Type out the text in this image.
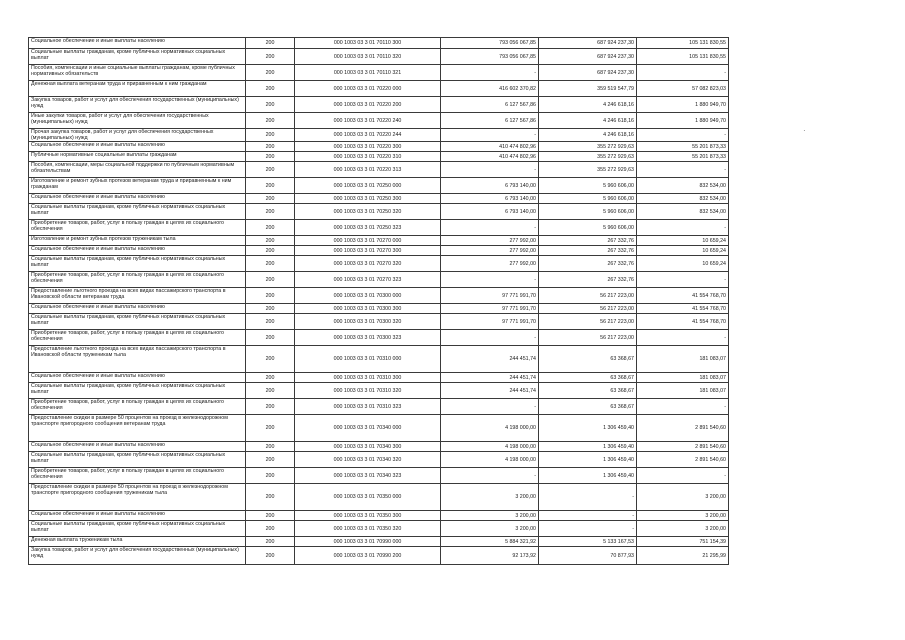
Социальное обеспечение и иные выплаты населению	200	000 1003 03 3 01 70110 300	793 056 067,85	687 924 237,30	105 131 830,55
Социальные выплаты гражданам, кроме публичных нормативных социальных выплат	200	000 1003 03 3 01 70110 320	793 056 067,85	687 924 237,30	105 131 830,55
Пособия, компенсации и иные социальные выплаты гражданам, кроме публичных нормативных обязательств	200	000 1003 03 3 01 70110 321	-	687 924 237,30	-
Денежная выплата ветеранам труда и приравненным к ним гражданам	200	000 1003 03 3 01 70220 000	416 602 370,82	359 519 547,79	57 082 823,03
Закупка товаров, работ и услуг для обеспечения государственных (муниципальных) нужд	200	000 1003 03 3 01 70220 200	6 127 567,86	4 246 618,16	1 880 949,70
Иные закупки товаров, работ и услуг для обеспечения государственных (муниципальных) нужд	200	000 1003 03 3 01 70220 240	6 127 567,86	4 246 618,16	1 880 949,70
Прочая закупка товаров, работ и услуг для обеспечения государственных (муниципальных) нужд	200	000 1003 03 3 01 70220 244	-	4 246 618,16	-
Социальное обеспечение и иные выплаты населению	200	000 1003 03 3 01 70220 300	410 474 802,96	355 272 929,63	55 201 873,33
Публичные нормативные социальные выплаты гражданам	200	000 1003 03 3 01 70220 310	410 474 802,96	355 272 929,63	55 201 873,33
Пособия, компенсации, меры социальной поддержки по публичным нормативным обязательствам	200	000 1003 03 3 01 70220 313	-	355 272 929,63	-
Изготовление и ремонт зубных протезов ветеранам труда и приравненным к ним гражданам	200	000 1003 03 3 01 70250 000	6 793 140,00	5 960 606,00	832 534,00
Социальное обеспечение и иные выплаты населению	200	000 1003 03 3 01 70250 300	6 793 140,00	5 960 606,00	832 534,00
Социальные выплаты гражданам, кроме публичных нормативных социальных выплат	200	000 1003 03 3 01 70250 320	6 793 140,00	5 960 606,00	832 534,00
Приобретение товаров, работ, услуг в пользу граждан в целях их социального обеспечения	200	000 1003 03 3 01 70250 323	-	5 960 606,00	-
Изготовление и ремонт зубных протезов труженикам тыла	200	000 1003 03 3 01 70270 000	277 992,00	267 332,76	10 659,24
Социальное обеспечение и иные выплаты населению	200	000 1003 03 3 01 70270 300	277 992,00	267 332,76	10 659,24
Социальные выплаты гражданам, кроме публичных нормативных социальных выплат	200	000 1003 03 3 01 70270 320	277 992,00	267 332,76	10 659,24
Приобретение товаров, работ, услуг в пользу граждан в целях их социального обеспечения	200	000 1003 03 3 01 70270 323	-	267 332,76	-
Предоставление льготного проезда на всех видах пассажирского транспорта в Ивановской области ветеранам труда	200	000 1003 03 3 01 70300 000	97 771 991,70	56 217 223,00	41 554 768,70
Социальное обеспечение и иные выплаты населению	200	000 1003 03 3 01 70300 300	97 771 991,70	56 217 223,00	41 554 768,70
Социальные выплаты гражданам, кроме публичных нормативных социальных выплат	200	000 1003 03 3 01 70300 320	97 771 991,70	56 217 223,00	41 554 768,70
Приобретение товаров, работ, услуг в пользу граждан в целях их социального обеспечения	200	000 1003 03 3 01 70300 323	-	56 217 223,00	-
Предоставление льготного проезда на всех видах пассажирского транспорта в Ивановской области труженикам тыла	200	000 1003 03 3 01 70310 000	244 451,74	63 368,67	181 083,07
Социальное обеспечение и иные выплаты населению	200	000 1003 03 3 01 70310 300	244 451,74	63 368,67	181 083,07
Социальные выплаты гражданам, кроме публичных нормативных социальных выплат	200	000 1003 03 3 01 70310 320	244 451,74	63 368,67	181 083,07
Приобретение товаров, работ, услуг в пользу граждан в целях их социального обеспечения	200	000 1003 03 3 01 70310 323	-	63 368,67	-
Предоставление скидки в размере 50 процентов на проезд в железнодорожном транспорте пригородного сообщения ветеранам труда	200	000 1003 03 3 01 70340 000	4 198 000,00	1 306 459,40	2 891 540,60
Социальное обеспечение и иные выплаты населению	200	000 1003 03 3 01 70340 300	4 198 000,00	1 306 459,40	2 891 540,60
Социальные выплаты гражданам, кроме публичных нормативных социальных выплат	200	000 1003 03 3 01 70340 320	4 198 000,00	1 306 459,40	2 891 540,60
Приобретение товаров, работ, услуг в пользу граждан в целях их социального обеспечения	200	000 1003 03 3 01 70340 323	-	1 306 459,40	-
Предоставление скидки в размере 50 процентов на проезд в железнодорожном транспорте пригородного сообщения труженикам тыла	200	000 1003 03 3 01 70350 000	3 200,00	-	3 200,00
Социальное обеспечение и иные выплаты населению	200	000 1003 03 3 01 70350 300	3 200,00	-	3 200,00
Социальные выплаты гражданам, кроме публичных нормативных социальных выплат	200	000 1003 03 3 01 70350 320	3 200,00	-	3 200,00
Денежная выплата труженикам тыла	200	000 1003 03 3 01 70990 000	5 884 321,92	5 133 167,53	751 154,39
Закупка товаров, работ и услуг для обеспечения государственных (муниципальных) нужд	200	000 1003 03 3 01 70990 200	92 173,92	70 877,93	21 295,99
·
